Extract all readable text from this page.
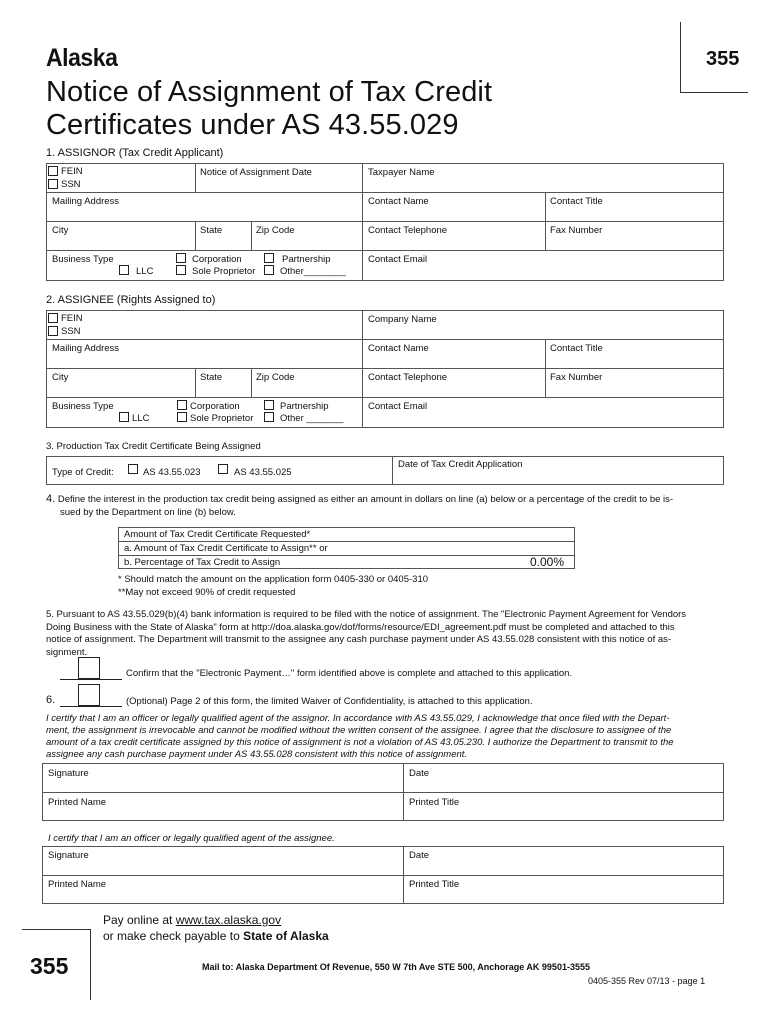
Alaska
Notice of Assignment of Tax Credit
Certificates under AS 43.55.029
355
1. ASSIGNOR (Tax Credit Applicant)
FEIN
SSN
Notice of Assignment Date	Taxpayer Name
Mailing Address	Contact Name	Contact Title
City	State	Zip Code	Contact Telephone	Fax Number
Business Type	Corporation	Partnership
LLC	Sole Proprietor	Other________
Contact Email
2. ASSIGNEE (Rights Assigned to)
FEIN
SSN
Company Name
Mailing Address	Contact Name	Contact Title
City	State	Zip Code	Contact Telephone	Fax Number
Business Type	Corporation	Partnership
LLC	Sole Proprietor	Other _______
Contact Email
3. Production Tax Credit Certificate Being Assigned
Type of Credit:	AS 43.55.023	AS 43.55.025
Date of Tax Credit Application
4. Define the interest in the production tax credit being assigned as either an amount in dollars on line (a) below or a percentage of the credit to be is-
sued by the Department on line (b) below.
Amount of Tax Credit Certificate Requested*
a. Amount of Tax Credit Certificate to Assign** or
b. Percentage of Tax Credit to Assign	0.00%
* Should match the amount on the application form 0405-330 or 0405-310
**May not exceed 90% of credit requested
5. Pursuant to AS 43.55.029(b)(4) bank information is required to be filed with the notice of assignment. The "Electronic Payment Agreement for Vendors
Doing Business with the State of Alaska" form at http://doa.alaska.gov/dof/forms/resource/EDI_agreement.pdf must be completed and attached to this
notice of assignment. The Department will transmit to the assignee any cash purchase payment under AS 43.55.028 consistent with this notice of as-
signment.
Confirm that the "Electronic Payment…" form identified above is complete and attached to this application.
6.	(Optional) Page 2 of this form, the limited Waiver of Confidentiality, is attached to this application.
I certify that I am an officer or legally qualified agent of the assignor. In accordance with AS 43.55.029, I acknowledge that once filed with the Depart-
ment, the assignment is irrevocable and cannot be modified without the written consent of the assignee. I agree that the disclosure to assignee of the
amount of a tax credit certificate assigned by this notice of assignment is not a violation of AS 43.05.230. I authorize the Department to transmit to the
assignee any cash purchase payment under AS 43.55.028 consistent with this notice of assignment.
Signature	Date
Printed Name	Printed Title
I certify that I am an officer or legally qualified agent of the assignee.
Signature	Date
Printed Name	Printed Title
355
Pay online at www.tax.alaska.gov
or make check payable to State of Alaska
Mail to: Alaska Department Of Revenue, 550 W 7th Ave STE 500, Anchorage AK 99501-3555
0405-355 Rev 07/13 - page 1
